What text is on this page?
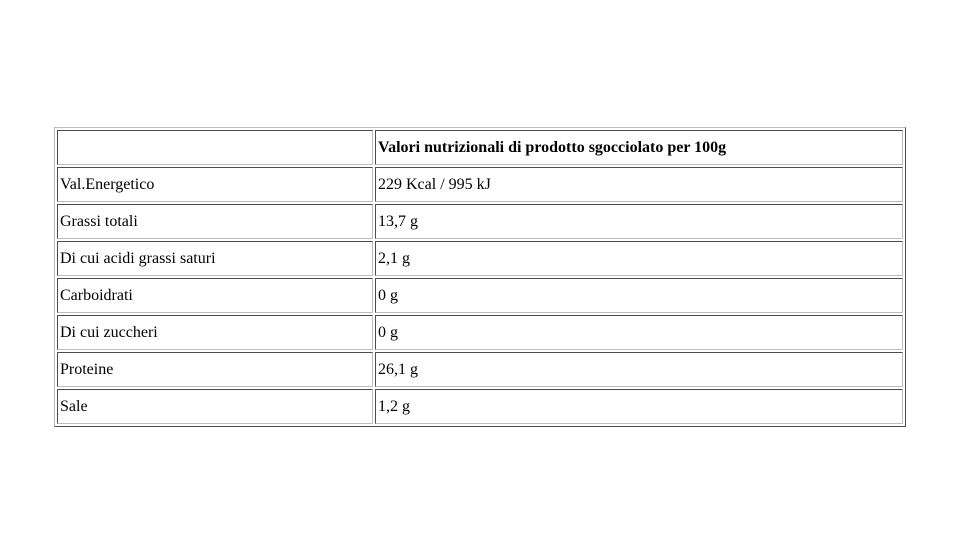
	Valori nutrizionali di prodotto sgocciolato per 100g
Val.Energetico	229 Kcal / 995 kJ
Grassi totali	13,7 g
Di cui acidi grassi saturi	2,1 g
Carboidrati	0 g
Di cui zuccheri	0 g
Proteine	26,1 g
Sale	1,2 g
